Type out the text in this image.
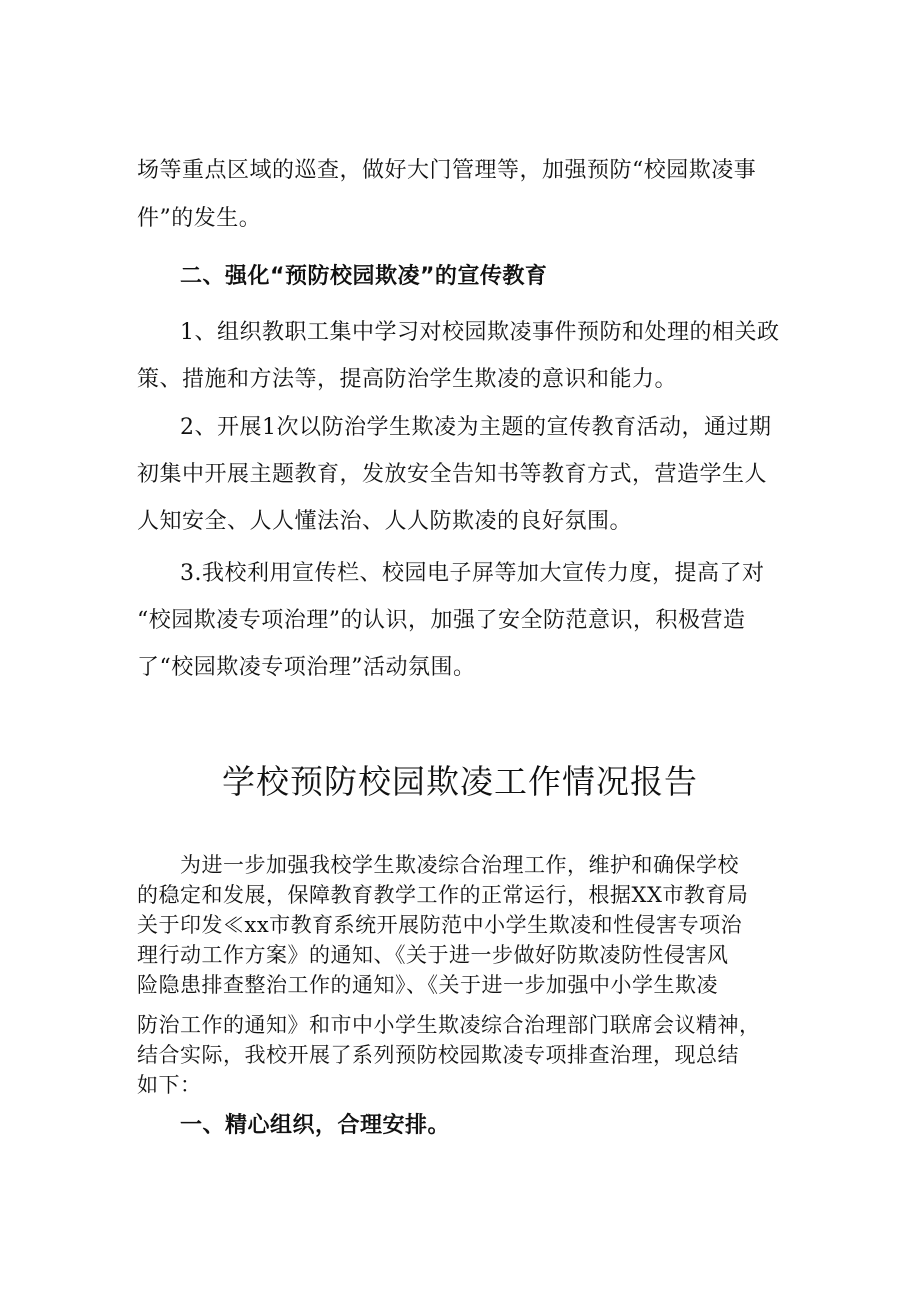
场等重点区域的巡查，做好大门管理等，加强预防“校园欺凌事
件”的发生。
二、强化“预防校园欺凌”的宣传教育
1、组织教职工集中学习对校园欺凌事件预防和处理的相关政
策、措施和方法等，提高防治学生欺凌的意识和能力。
2、开展1次以防治学生欺凌为主题的宣传教育活动，通过期
初集中开展主题教育，发放安全告知书等教育方式，营造学生人
人知安全、人人懂法治、人人防欺凌的良好氛围。
3.我校利用宣传栏、校园电子屏等加大宣传力度，提高了对
“校园欺凌专项治理”的认识，加强了安全防范意识，积极营造
了“校园欺凌专项治理”活动氛围。
学校预防校园欺凌工作情况报告
为进一步加强我校学生欺凌综合治理工作，维护和确保学校
的稳定和发展，保障教育教学工作的正常运行，根据XX市教育局
关于印发≪xx市教育系统开展防范中小学生欺凌和性侵害专项治
理行动工作方案》的通知、《关于进一步做好防欺凌防性侵害风
险隐患排查整治工作的通知》、《关于进一步加强中小学生欺凌
防治工作的通知》和市中小学生欺凌综合治理部门联席会议精神，
结合实际，我校开展了系列预防校园欺凌专项排查治理，现总结
如下：
一、精心组织，合理安排。
